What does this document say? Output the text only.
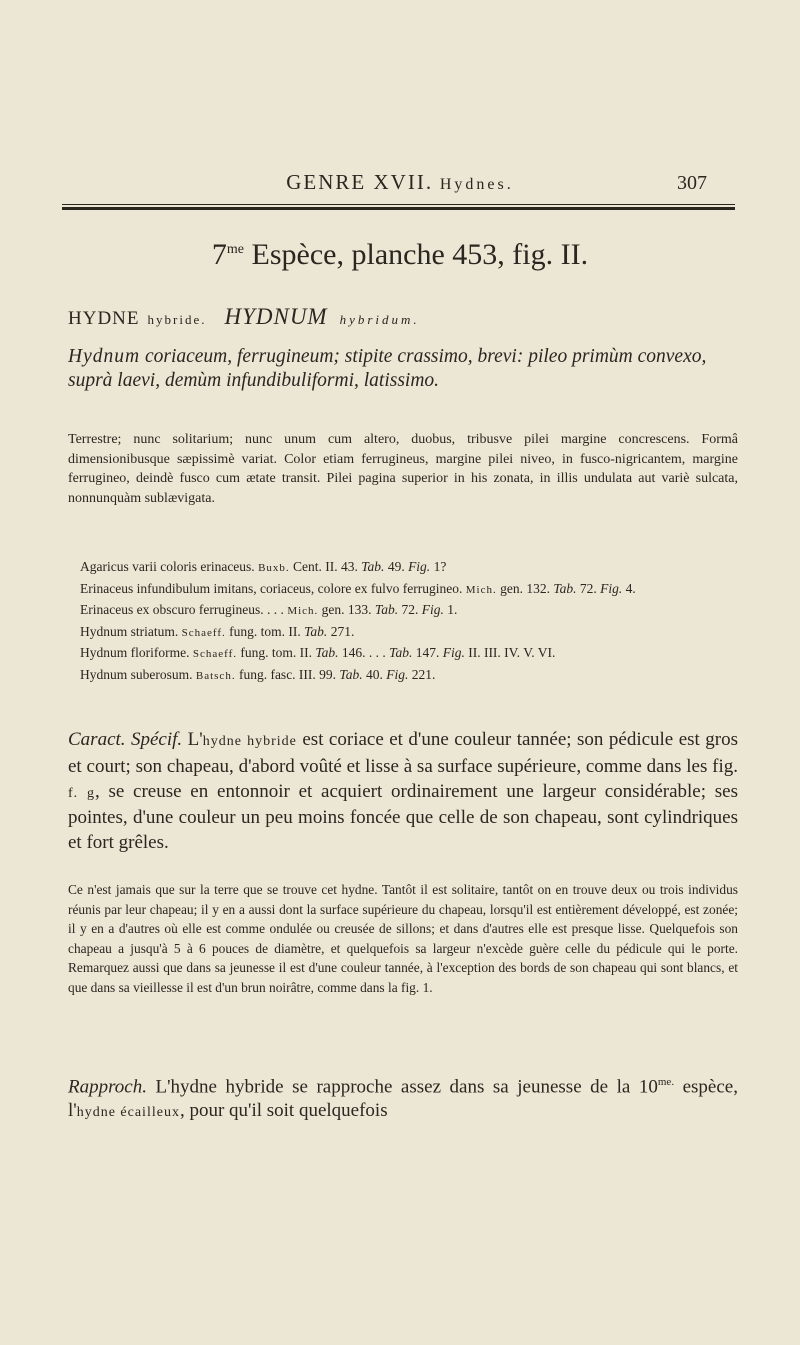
GENRE XVII. Hydnes.	307
$7^{me}$ Espèce, planche 453, fig. II.
HYDNE hybride. HYDNUM hybridum.
Hydnum coriaceum, ferrugineum; stipite crassimo, brevi: pileo primùm convexo, suprà laevi, demùm infundibuliformi, latissimo.
Terrestre; nunc solitarium; nunc unum cum altero, duobus, tribusve pilei margine concrescens. Formâ dimensionibusque sæpissimè variat. Color etiam ferrugineus, margine pilei niveo, in fusco-nigricantem, margine ferrugineo, deindè fusco cum ætate transit. Pilei pagina superior in his zonata, in illis undulata aut variè sulcata, nonnunquàm sublævigata.
Agaricus varii coloris erinaceus. Buxb. Cent. II. 43. Tab. 49. Fig. 1?
Erinaceus infundibulum imitans, coriaceus, colore ex fulvo ferrugineo. Mich. gen. 132. Tab. 72. Fig. 4.
Erinaceus ex obscuro ferrugineus. . . . Mich. gen. 133. Tab. 72. Fig. 1.
Hydnum striatum. Schaeff. fung. tom. II. Tab. 271.
Hydnum floriforme. Schaeff. fung. tom. II. Tab. 146. . . . Tab. 147. Fig. II. III. IV. V. VI.
Hydnum suberosum. Batsch. fung. fasc. III. 99. Tab. 40. Fig. 221.
Caract. Spécif. L'hydne hybride est coriace et d'une couleur tannée; son pédicule est gros et court; son chapeau, d'abord voûté et lisse à sa surface supérieure, comme dans les fig. f. g, se creuse en entonnoir et acquiert ordinairement une largeur considérable; ses pointes, d'une couleur un peu moins foncée que celle de son chapeau, sont cylindriques et fort grêles.
Ce n'est jamais que sur la terre que se trouve cet hydne. Tantôt il est solitaire, tantôt on en trouve deux ou trois individus réunis par leur chapeau; il y en a aussi dont la surface supérieure du chapeau, lorsqu'il est entièrement développé, est zonée; il y en a d'autres où elle est comme ondulée ou creusée de sillons; et dans d'autres elle est presque lisse. Quelquefois son chapeau a jusqu'à 5 à 6 pouces de diamètre, et quelquefois sa largeur n'excède guère celle du pédicule qui le porte. Remarquez aussi que dans sa jeunesse il est d'une couleur tannée, à l'exception des bords de son chapeau qui sont blancs, et que dans sa vieillesse il est d'un brun noirâtre, comme dans la fig. 1.
Rapproch. L'hydne hybride se rapproche assez dans sa jeunesse de la $10^{me.}$ espèce, l'hydne écailleux, pour qu'il soit quelquefois
